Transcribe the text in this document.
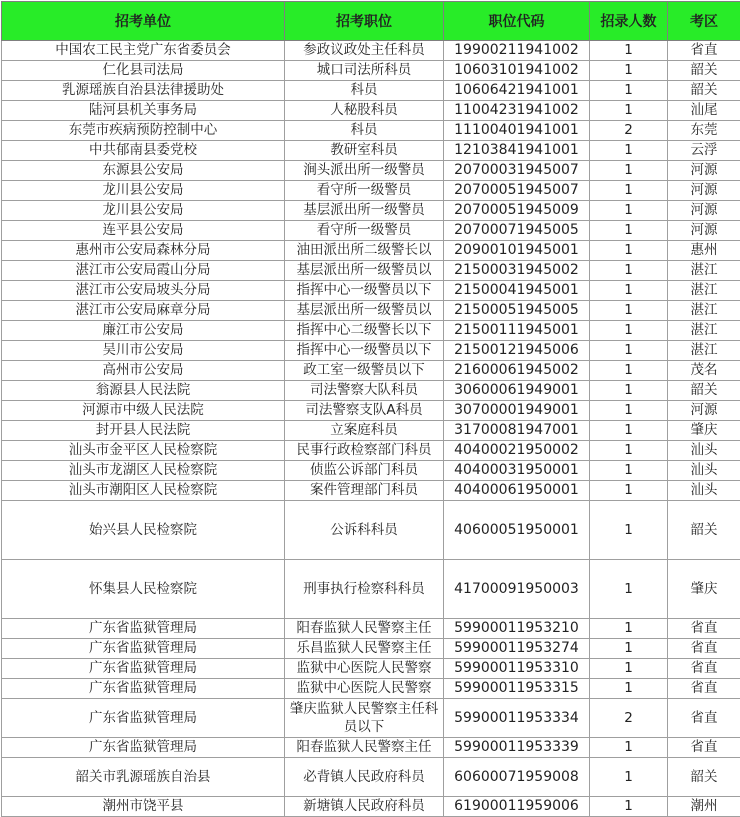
招考单位	招考职位	职位代码	招录人数	考区
中国农工民主党广东省委员会	参政议政处主任科员	19900211941002	1	省直
仁化县司法局	城口司法所科员	10603101941002	1	韶关
乳源瑶族自治县法律援助处	科员	10606421941001	1	韶关
陆河县机关事务局	人秘股科员	11004231941002	1	汕尾
东莞市疾病预防控制中心	科员	11100401941001	2	东莞
中共郁南县委党校	教研室科员	12103841941001	1	云浮
东源县公安局	涧头派出所一级警员	20700031945007	1	河源
龙川县公安局	看守所一级警员	20700051945007	1	河源
龙川县公安局	基层派出所一级警员	20700051945009	1	河源
连平县公安局	看守所一级警员	20700071945005	1	河源
惠州市公安局森林分局	油田派出所二级警长以	20900101945001	1	惠州
湛江市公安局霞山分局	基层派出所一级警员以	21500031945002	1	湛江
湛江市公安局坡头分局	指挥中心一级警员以下	21500041945001	1	湛江
湛江市公安局麻章分局	基层派出所一级警员以	21500051945005	1	湛江
廉江市公安局	指挥中心二级警长以下	21500111945001	1	湛江
吴川市公安局	指挥中心一级警员以下	21500121945006	1	湛江
高州市公安局	政工室一级警员以下	21600061945002	1	茂名
翁源县人民法院	司法警察大队科员	30600061949001	1	韶关
河源市中级人民法院	司法警察支队A科员	30700001949001	1	河源
封开县人民法院	立案庭科员	31700081947001	1	肇庆
汕头市金平区人民检察院	民事行政检察部门科员	40400021950002	1	汕头
汕头市龙湖区人民检察院	侦监公诉部门科员	40400031950001	1	汕头
汕头市潮阳区人民检察院	案件管理部门科员	40400061950001	1	汕头
始兴县人民检察院	公诉科科员	40600051950001	1	韶关
怀集县人民检察院	刑事执行检察科科员	41700091950003	1	肇庆
广东省监狱管理局	阳春监狱人民警察主任	59900011953210	1	省直
广东省监狱管理局	乐昌监狱人民警察主任	59900011953274	1	省直
广东省监狱管理局	监狱中心医院人民警察	59900011953310	1	省直
广东省监狱管理局	监狱中心医院人民警察	59900011953315	1	省直
广东省监狱管理局	肇庆监狱人民警察主任科员以下	59900011953334	2	省直
广东省监狱管理局	阳春监狱人民警察主任	59900011953339	1	省直
韶关市乳源瑶族自治县	必背镇人民政府科员	60600071959008	1	韶关
潮州市饶平县	新塘镇人民政府科员	61900011959006	1	潮州
